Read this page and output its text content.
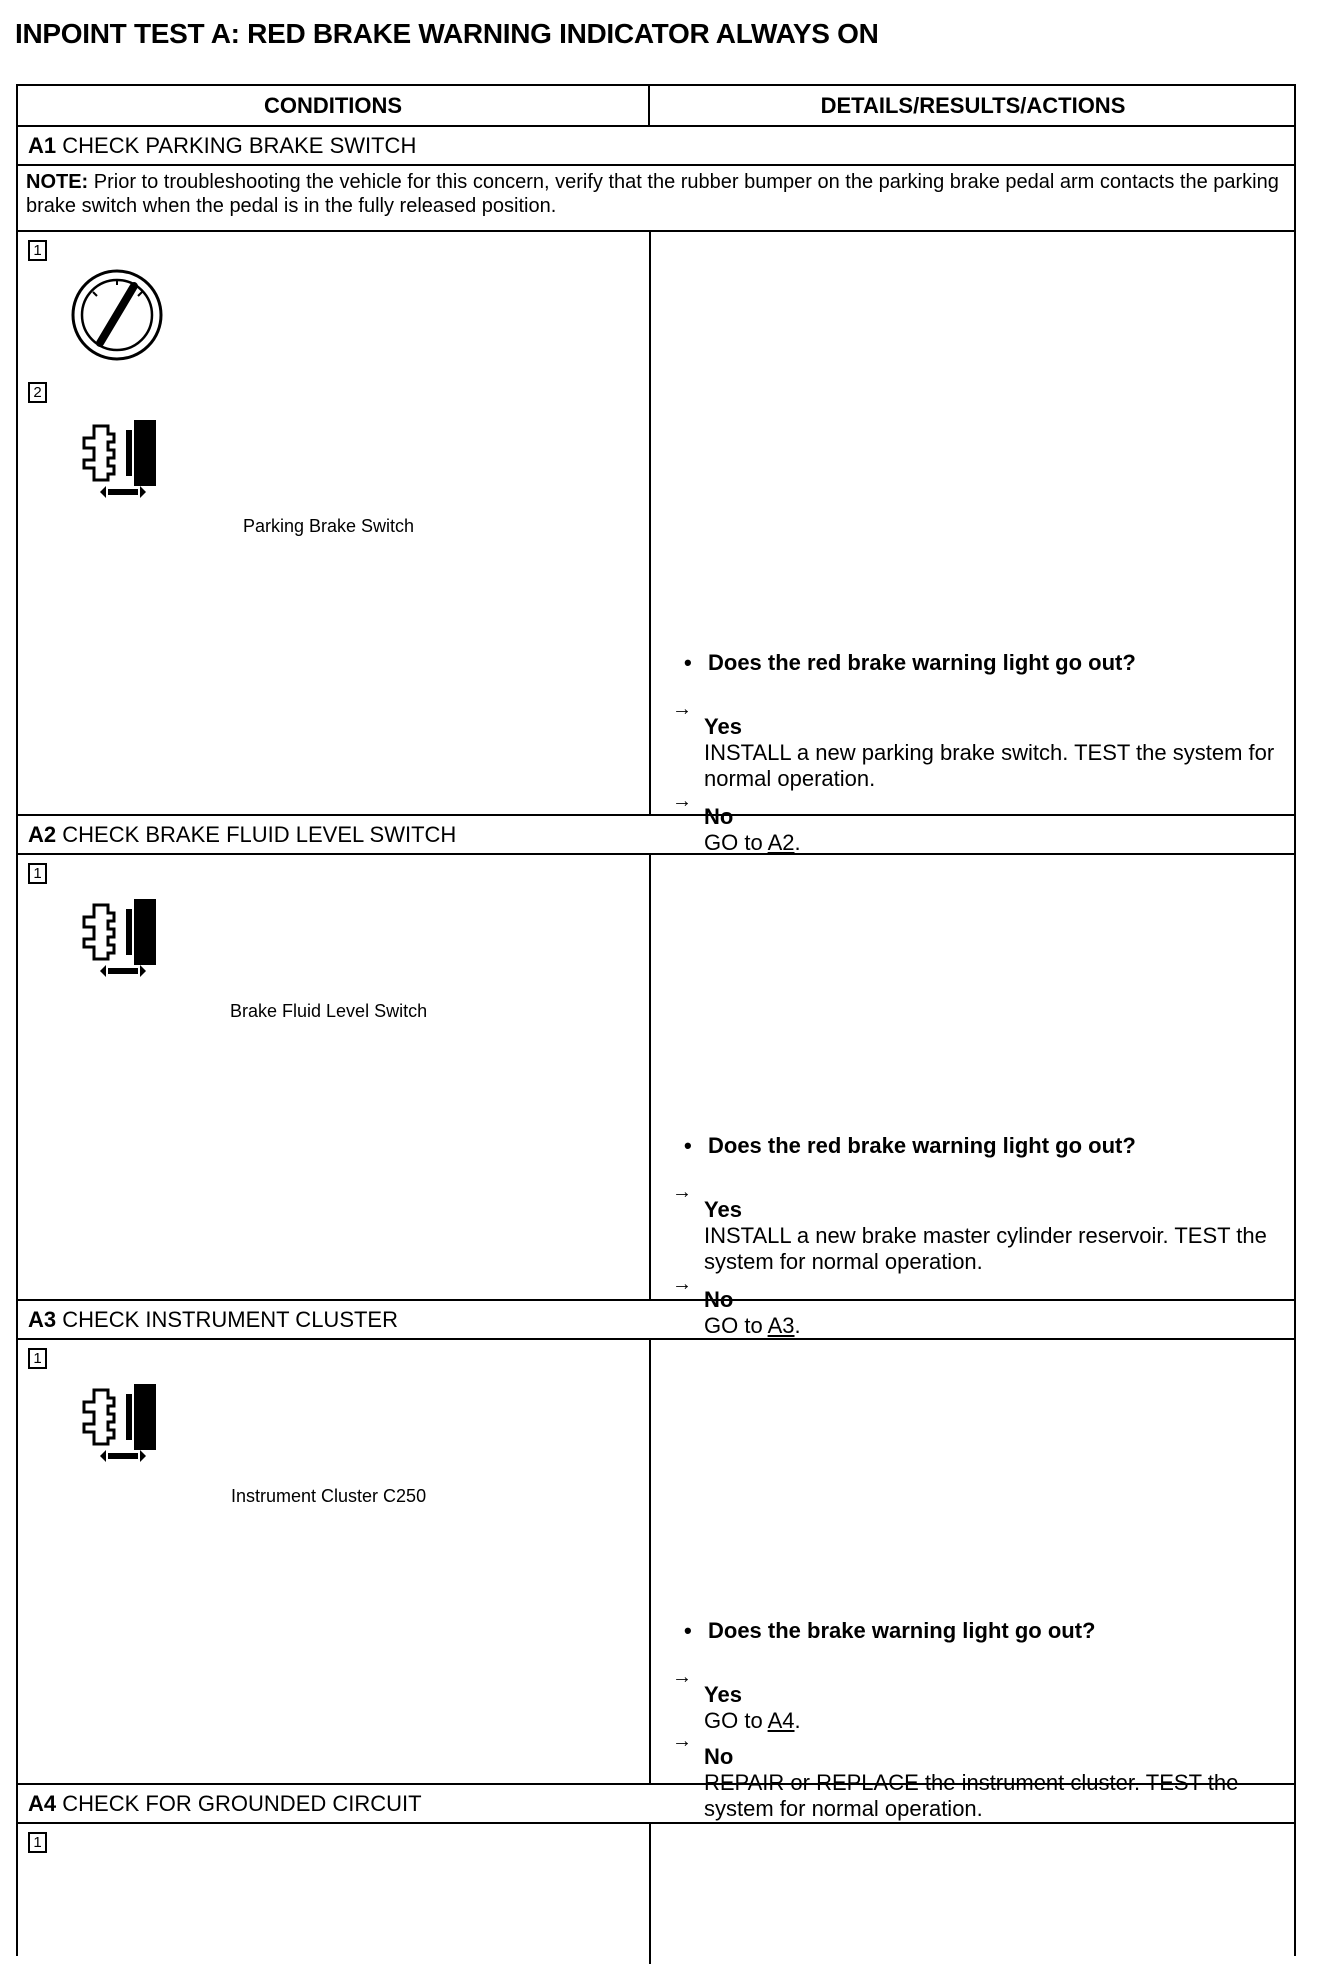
INPOINT TEST A: RED BRAKE WARNING INDICATOR ALWAYS ON
CONDITIONS	DETAILS/RESULTS/ACTIONS
A1 CHECK PARKING BRAKE SWITCH
NOTE: Prior to troubleshooting the vehicle for this concern, verify that the rubber bumper on the parking brake pedal arm contacts the parking brake switch when the pedal is in the fully released position.
1
2
Parking Brake Switch
• Does the red brake warning light go out?
→
Yes
INSTALL a new parking brake switch. TEST the system for normal operation.
→
No
GO to A2.
A2 CHECK BRAKE FLUID LEVEL SWITCH
1
Brake Fluid Level Switch
• Does the red brake warning light go out?
→
Yes
INSTALL a new brake master cylinder reservoir. TEST the system for normal operation.
→
No
GO to A3.
A3 CHECK INSTRUMENT CLUSTER
1
Instrument Cluster C250
• Does the brake warning light go out?
→
Yes
GO to A4.
→
No
REPAIR or REPLACE the instrument cluster. TEST the system for normal operation.
A4 CHECK FOR GROUNDED CIRCUIT
1
